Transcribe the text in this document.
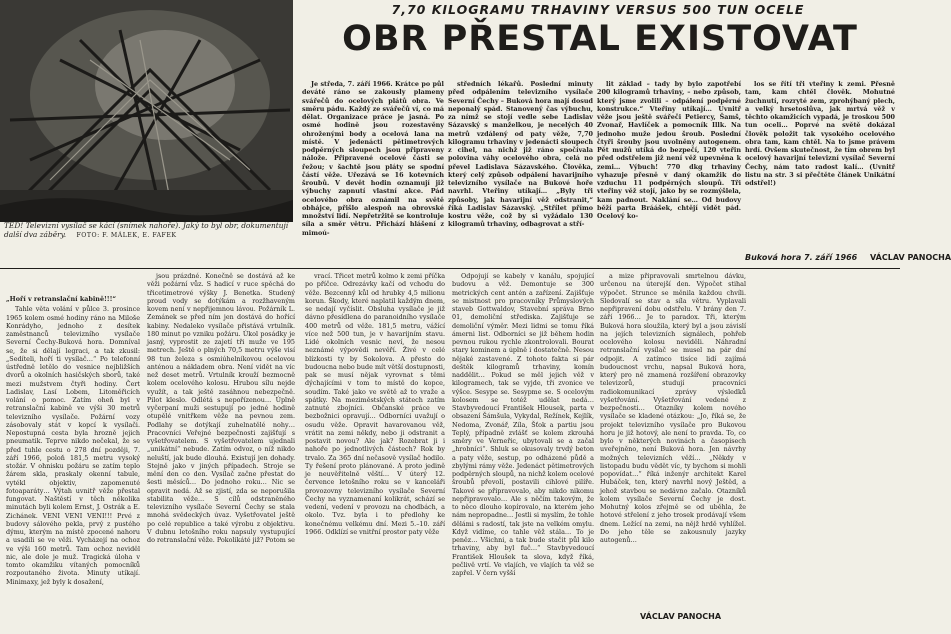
TEĎ! Televizní vysílač se kácí (snímek nahoře). Jaký to byl obr, dokumentují další dva záběry. FOTO: F. MÁLEK, E. FAFEK
7,70 KILOGRAMU TRHAVINY VERSUS 500 TUN OCELE
OBR PŘESTAL EXISTOVAT

Je středa, 7. září 1966. Krátce po půl deváté ráno se zakously plameny svářečů do ocelových plátů obra. Ve směru pádu. Každý ze svářečů ví, co má dělat. Organizace práce je jasná. Po osmé hodině jsou rozestavěny ohroženými body a ocelová lana na místě. V jedenácti pětimetrových podpěrných sloupech jsou připraveny nálože. Připravené ocelové části se řežou; v šachtě jsou pláty se spodní částí věže. Uřezává se 16 kotevních šroubů. V devět hodin oznamují již výbuchy zapnutí vlastní akce. Pád ocelového obra oznámil na světě obhájce, přišlo alespoň na obrovské množství lidí. Nepřetržitě se kontroluje síla a směr větru. Přichází hlášení z mimoú-

středních lékařů. Poslední minuty před odpálením televizního vysílače Severní Čechy – Buková hora mají dosud neponalý spád. Stanovený čas výbuchu, za nímž se stojí vedle sebe Ladislav Sázavský s manželkou, je necelých 40 metrů vzdálený od paty věže, 7,70 kilogramu trhaviny v jedenácti sloupech z cihel, na nichž již ráno spočívala polovina váhy ocelového obra, celá no převel Ladislava Sázavského. Člověka, který celý způsob odpálení havarijního televizního vysílače na Bukové hoře navrhl. Vteřiny utíkají… „Byly tři způsoby, jak havarijní věž odstranit,“ říká Ladislav Sázavský. „Střílet přímo kostru věže, což by si vyžádalo 130 kilogramů trhaviny, odbagrovat a stří-

lit základ – tady by bylo zapotřebí 200 kilogramů trhaviny, – nebo způsob, který jsme zvolili – odpálení podpěrné konstrukce.“ Vteřiny utíkají… Uvnitř věže jsou ještě svářeči Petiercy, Šamš, Zvonař, Havlíček a pomocník Illk. Na jednoho muže jedou šroub. Poslední čtyři šrouby jsou uvolněny autogenem. Pět mužů utíká do bezpečí, 120 vteřin před odstřelem již není věž upevněna k zemi… Výbuch! 770 dkg trhaviny vyhazuje přesně v daný okamžik do vzduchu 11 podpěrných sloupů. Tři vteřiny věž stojí, jako by se rozmýšlela, kam padnout. Naklání se… Od budovy běží parta Bráášek, chtějí vidět pád. Ocelový ko-

los se řítí tři vteřiny k zemi. Přesně tam, kam chtěl člověk. Mohutné žuchnutí, rozryté zem, zprohýbaný plech, a velký hrsetoslůva, jak mrtvá věž v těchto okamžicích vypadá, je troskou 500 tun oceli… Poprvé na světě dokázal člověk položit tak vysokého ocelového obra tam, kam chtěl. Na to jsme právem hrdí. Ovšem skutečnost, že tím obrem byl ocelový havarijní televizní vysílač Severní Čechy, nám tato radost kalí… (Uvnitř listu na str. 3 si přečtěte článek Unikátní odstřel!)

Buková hora 7. září 1966 VÁCLAV PANOCHA
„Hoří v retranslační kabině!!!“

Tahle věta volání v půlce 3. prosince 1965 kolem osmé hodiny ráno na Miloše Konrádyho, jednoho z desítek zaměstnanců televizního vysílače Severní Čechy-Buková hora. Domníval se, že si dělají legraci, a tak zkusil: „Sedíteli, hoří ti vysílač…“ Po telefonní ústředně letělo do vesnice nejbližších dvorů a okolních hasičských sborů, také mezi mužstvem čtyři hodiny. Čert Ladislav, Lasí Lobem, Litoměřicích volání o pomoc. Zatím oheň byl v retranslační kabině ve výši 30 metrů televizního vysílače. Požární vozy zásobovaly stát v kopcí k vysílači. Nepostupná cesta byla hrozně jejich pneumatik. Teprve nikdo nečekal, že se před tuhle cestu o 278 dní později, 7. září 1966, poloň 181,5 metru vysoký stožár. V ohnisku požáru se zatím teplo žárem skla, praskaly okenní tabule, vytékl objektiv, zapomenuté fotoaparáty… Výtah uvnitř věže přestal fungovat. Naštěstí v těch několika minutách byli kolem Ernst, J. Ostrák a E. Zichánek. VENI VENI VENI!!! Prvé z budovy sálového pekla, prvý z pustého dýmu, kterým na místě zpocené nahoru a usadili se ve věži. Vycházejí na ochoz ve výši 160 metrů. Tam ochoz neviděl nic, ale dole je muž. Tragická úloha v tomto okamžiku vítaných pomocníků rozpoutaného života. Minuty utíkají. Minimaxy, jež byly k dosažení,

jsou prázdné. Konečně se dostává až ke věži požární vůz. S hadicí v ruce spěchá do třicetimetrové výšky J. Benetka. Studený proud vody se dotýkám a rozžhaveným kovem není v nepřijemnou lávou. Požárník L. Zemánek se před ním jen dostává do hořící kabiny. Nedaleko vysílače přistává vrtulník. 180 minut po vzniku požáru. Úkol posádky je jasný, vyprostit ze zajetí tři muže ve 195 metrech. Ještě o plných 70,5 metru výše visí 98 tun železa s osmiúhelníkovou ocelovou anténou a nákladem obra. Není vidět na víc než deset metrů. Vrtulník krouží bezmocně kolem ocelového kolosu. Hrubou sílu nejde využít, a tak ještě zasáhnou nebezpečně. Pilot kleslo. Odlétá s nepořízenou… Úplně vyčerpaní muži sestupují po jedné hodině otupělé vnitřkem věže na pevnou zem. Podlahy se dotýkají zuhelnatělé nohy… Pracovníci Veřejné bezpečnosti zajišťují s vyšetřovatelem. S vyšetřovatelem ujednali „unikátní“ nebude. Zatím odvoz, o níž nikdo neluští, jak bude dlouhá. Existují jen dohady. Stejně jako v jiných případech. Stroje se mění den co den. Vysílač začne přestat do šesti měsíců… Do jednoho roku… Nic se opravit nedá. Až se zjistí, zda se neporušila stabilita věže… S cílů odstraněného televizního vysílače Severní Čechy se stala mnohá svědeckých úvaz. Vyšetřovatel ještě po celé republice a také výrobu z objektivu. V dubnu letošního roku napsuly vystupující do retranslační věže. Pokolikáté již? Potom se

vrací. Třicet metrů kolmo k zemi příčka po příčce. Odrezávky kačí od vchodu do věže. Bezcenný kůl od hrubky 4,5 milionu korun. Škody, které naplatil každým dnem, se nedají vyčíslit. Obsluha vysílače je již dávno přesídlena do paranoidního vysílače 400 metrů od věže. 181,5 metru, vážící více než 500 tun, je v havarijním stavu. Lidé okolních vesnic neví, že nesou neznámé výpovědi nevěří. Živé v celé blízkosti ty by Sokolova. A přesto do budoucna nebo bude mít větší dostupnosti, pak se musí nějak vyrovnat s těmi dýchajícími v tom to místě do kopce, soudím. Také jako ve světě až to vraže a spátky. Na meziměstských státech zatím zatnuté zbojníci. Občanské práce ve bezbožnici opravují… Odborníci uvažují o osudu věže. Opravit havarovanou věž, vrátit na zemi někdy, nebo ji odstranit a postavit novou? Ale jak? Rozebrat ji i nahoře po jednotlivých částech? Rok by trvalo. Za 365 dní nečasově vysílač hodilo. Ty řešení proto plánované. A proto jedině je neuvěřitelně věští… V úterý 12. července letošního roku se v kanceláři provozovny televizního vysílače Severní Čechy na vyznamenaní kolikrát, schází se vedení, vedení v provozu na chodbách, a okolo. Tvz. byla i to předlohy ke konečnému velkému dní. Mezi 5.–10. září 1966. Odklízí se vnitřní prostor paty věže

Odpojují se kabely v kanálu, spojující budovu a věž. Demontuje se 300 metrických cent antén a zařízení. Zajišťuje se mistnost pro pracovníky Průmyslových staveb Gottwaldov, Stavební správa Brno 01, demoliční střediska. Zajišťuje se demoliční výmĕr. Mezi lidmi se tomu říká ámerni list. Odborníci se již během hodin pevnou rukou rychle zkontrolovali. Bourat stary kominem a úplně i dostatečně. Nesou nějaké zastavené. Z tohoto fakta si pár deštěk kilogramů trhaviny, komín naddělit… Pokud se měl jejich věž v kilogramech, tak se vyjde, tři zvonice ve výšce. Sesype se. Sesypme se. S ocelovým kolosem se totéž udělat nedá… Stavbyvedoucí František Hlousek, parta v obsazení Šámšula, Vykydal, Režínek, Kejlík, Nedoma, Zvonář, Zíla, Šťok a partiu jsou Teplý, případně zvlášť se kolem zkrouhá směry ve Verneřic, ubytovali se a začal „hrobníci“. Shluk se okusovaly trvdý beton a paty věže, sestup, po odházené půdě a zbylými rámy věže. Jedenáct pětimetrových podpěrných sloupů, na nichž kolem ocelové šroubů převolí, postavili cihlové pilíře. Takové se připravovalo, aby nikdo nikomu nepřipravovalo… Ale s něčím takovým, že to něco dlouho kopírovalo, na kterém jeho nám nepropadne… Jestli si myslím, že tohle dělámi s radostí, tak jste na velkém omylu. Když vidíme, co tahle věž stála… To je peněz… Všichni, a tak bude stačit půl kilo trhaviny, aby byl fuč…“ Stavbyvedoucí František Hloušek ta slova, když říká, pečlivě vrtí. Ve vlajích, ve vlajích ta věž se zapřel. V čern vyšší

a mize připravovali smrtelnou dávku, určenou na úterejší den. Výpočet stihal výpočet. Struncе se měnila každou chvíli. Sledovalí se stav a síla větru. Vyplavali nepřipravení dobu odstřelu. V brány den 7. září 1966… Je to paradox. Tři, kterým Buková hora sloužila, který byl a jsou závislí na jejích televizních signálech, pohřeb ocelového kolosu neviděli. Náhradní retranslační vysílač se musel na pár dní odpojit. A zatímco tisíce lidí zajímá budoucnost vrchu, napsal Buková hora, který pro ně znamená rozšíření obrazovky televizorů, studují pracovníci radiokomunikací zprávy výsledků vyšetřování. Vyšetřování vedené z bezpečnosti… Otazníky kolem nového vysílače se kladené otázkou: „Jo, říká se, že projekt televizního vysílače pro Bukovou horu je již hotový, ale není to pravda. To, co bylo v některých novinách a časopisech uveřejněno, není Buková hora. Jen návrhy možných televizních věží… „Někdy v listopadu budu vědět víc, ty bychom si mohli popovídat…“ říká inženýr architekt Karel Hubáček, ten, který navrhl nový Ještěd, a jehož stavbou se nedávno začalo. Otazníků kolem vysílače Severní Čechy je dost. Mohutný kolos zřejmě se od uběhla, že hotové střelení z jeho trosek prodávají všem dnem. Ležící na zemi, na nějž hrdě vyhlížel. Do jeho těle se zakousnuly jazyky autogenů…

VÁCLAV PANOCHA
